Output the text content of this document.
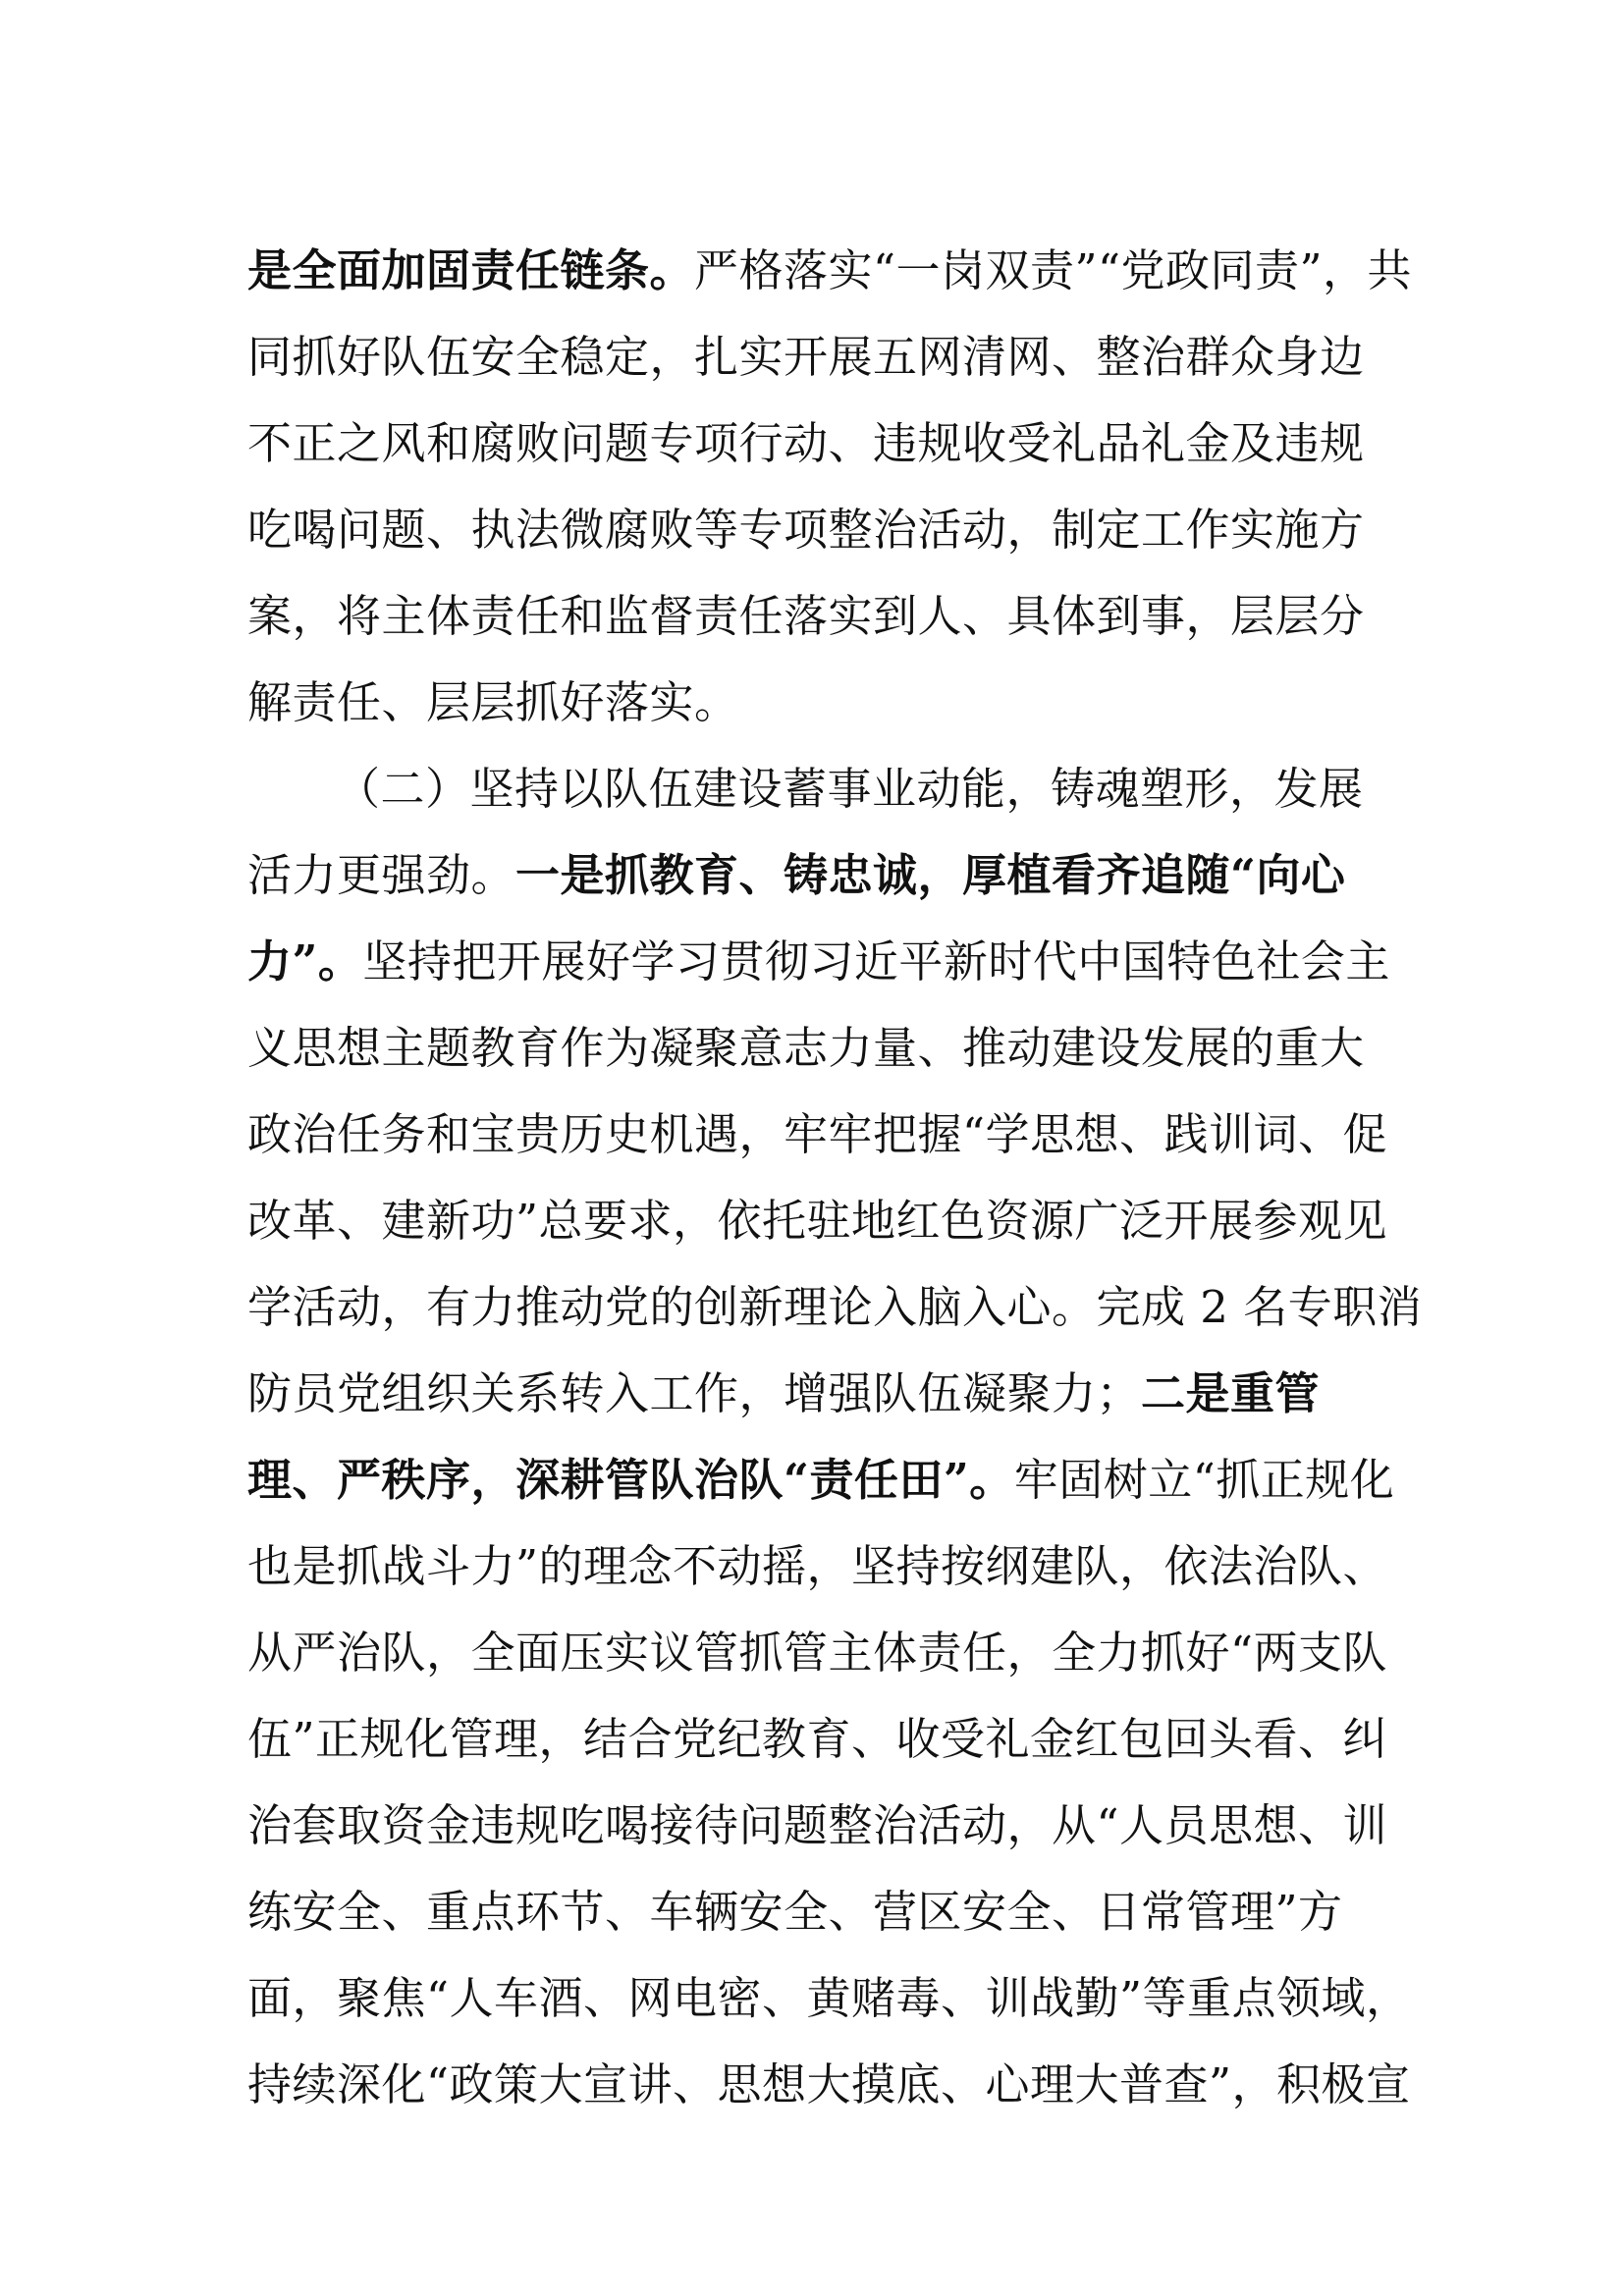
是全面加固责任链条。严格落实“一岗双责”“党政同责”，共
同抓好队伍安全稳定，扎实开展五网清网、整治群众身边
不正之风和腐败问题专项行动、违规收受礼品礼金及违规
吃喝问题、执法微腐败等专项整治活动，制定工作实施方
案，将主体责任和监督责任落实到人、具体到事，层层分
解责任、层层抓好落实。
（二）坚持以队伍建设蓄事业动能，铸魂塑形，发展
活力更强劲。一是抓教育、铸忠诚，厚植看齐追随“向心
力”。坚持把开展好学习贯彻习近平新时代中国特色社会主
义思想主题教育作为凝聚意志力量、推动建设发展的重大
政治任务和宝贵历史机遇，牢牢把握“学思想、践训词、促
改革、建新功”总要求，依托驻地红色资源广泛开展参观见
学活动，有力推动党的创新理论入脑入心。完成 2 名专职消
防员党组织关系转入工作，增强队伍凝聚力；二是重管
理、严秩序，深耕管队治队“责任田”。牢固树立“抓正规化
也是抓战斗力”的理念不动摇，坚持按纲建队，依法治队、
从严治队，全面压实议管抓管主体责任，全力抓好“两支队
伍”正规化管理，结合党纪教育、收受礼金红包回头看、纠
治套取资金违规吃喝接待问题整治活动，从“人员思想、训
练安全、重点环节、车辆安全、营区安全、日常管理”方
面，聚焦“人车酒、网电密、黄赌毒、训战勤”等重点领域，
持续深化“政策大宣讲、思想大摸底、心理大普查”，积极宣
